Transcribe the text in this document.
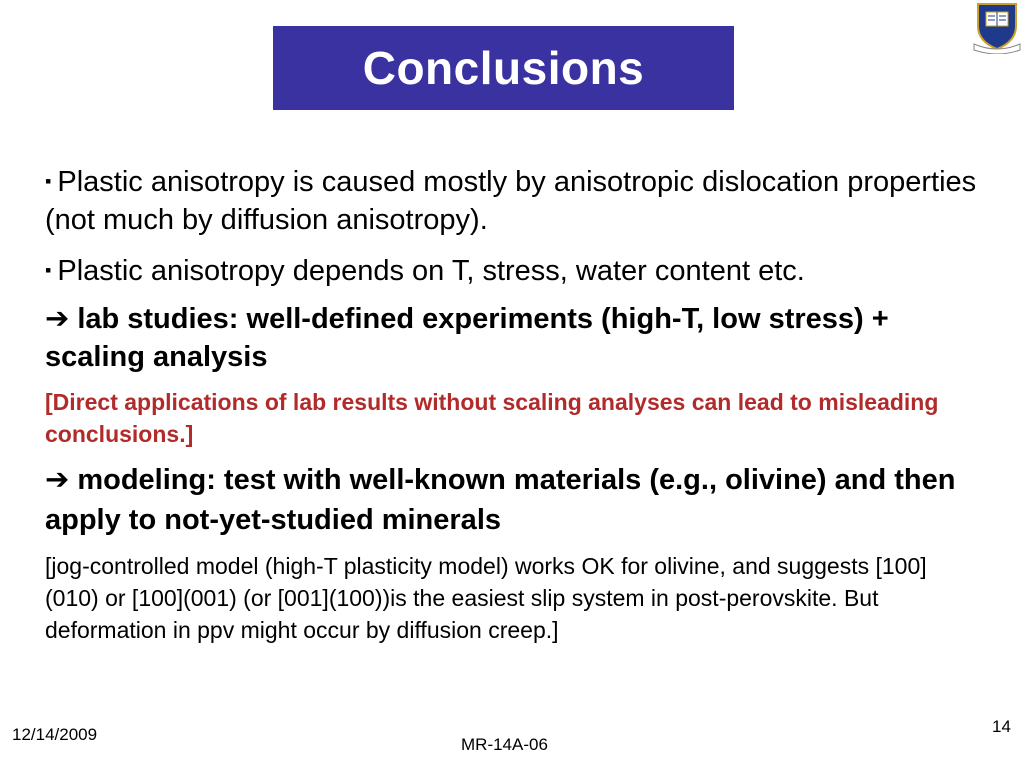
Conclusions

▪ Plastic anisotropy is caused mostly by anisotropic dislocation properties (not much by diffusion anisotropy).

▪ Plastic anisotropy depends on T, stress, water content etc.

➔ lab studies: well-defined experiments (high-T, low stress) + scaling analysis

[Direct applications of lab results without scaling analyses can lead to misleading conclusions.]

➔ modeling: test with well-known materials (e.g., olivine) and then apply to not-yet-studied minerals

[jog-controlled model (high-T plasticity model) works OK for olivine, and suggests [100](010) or [100](001) (or [001](100))is the easiest slip system in post-perovskite. But deformation in ppv might occur by diffusion creep.]

12/14/2009
MR-14A-06
14
